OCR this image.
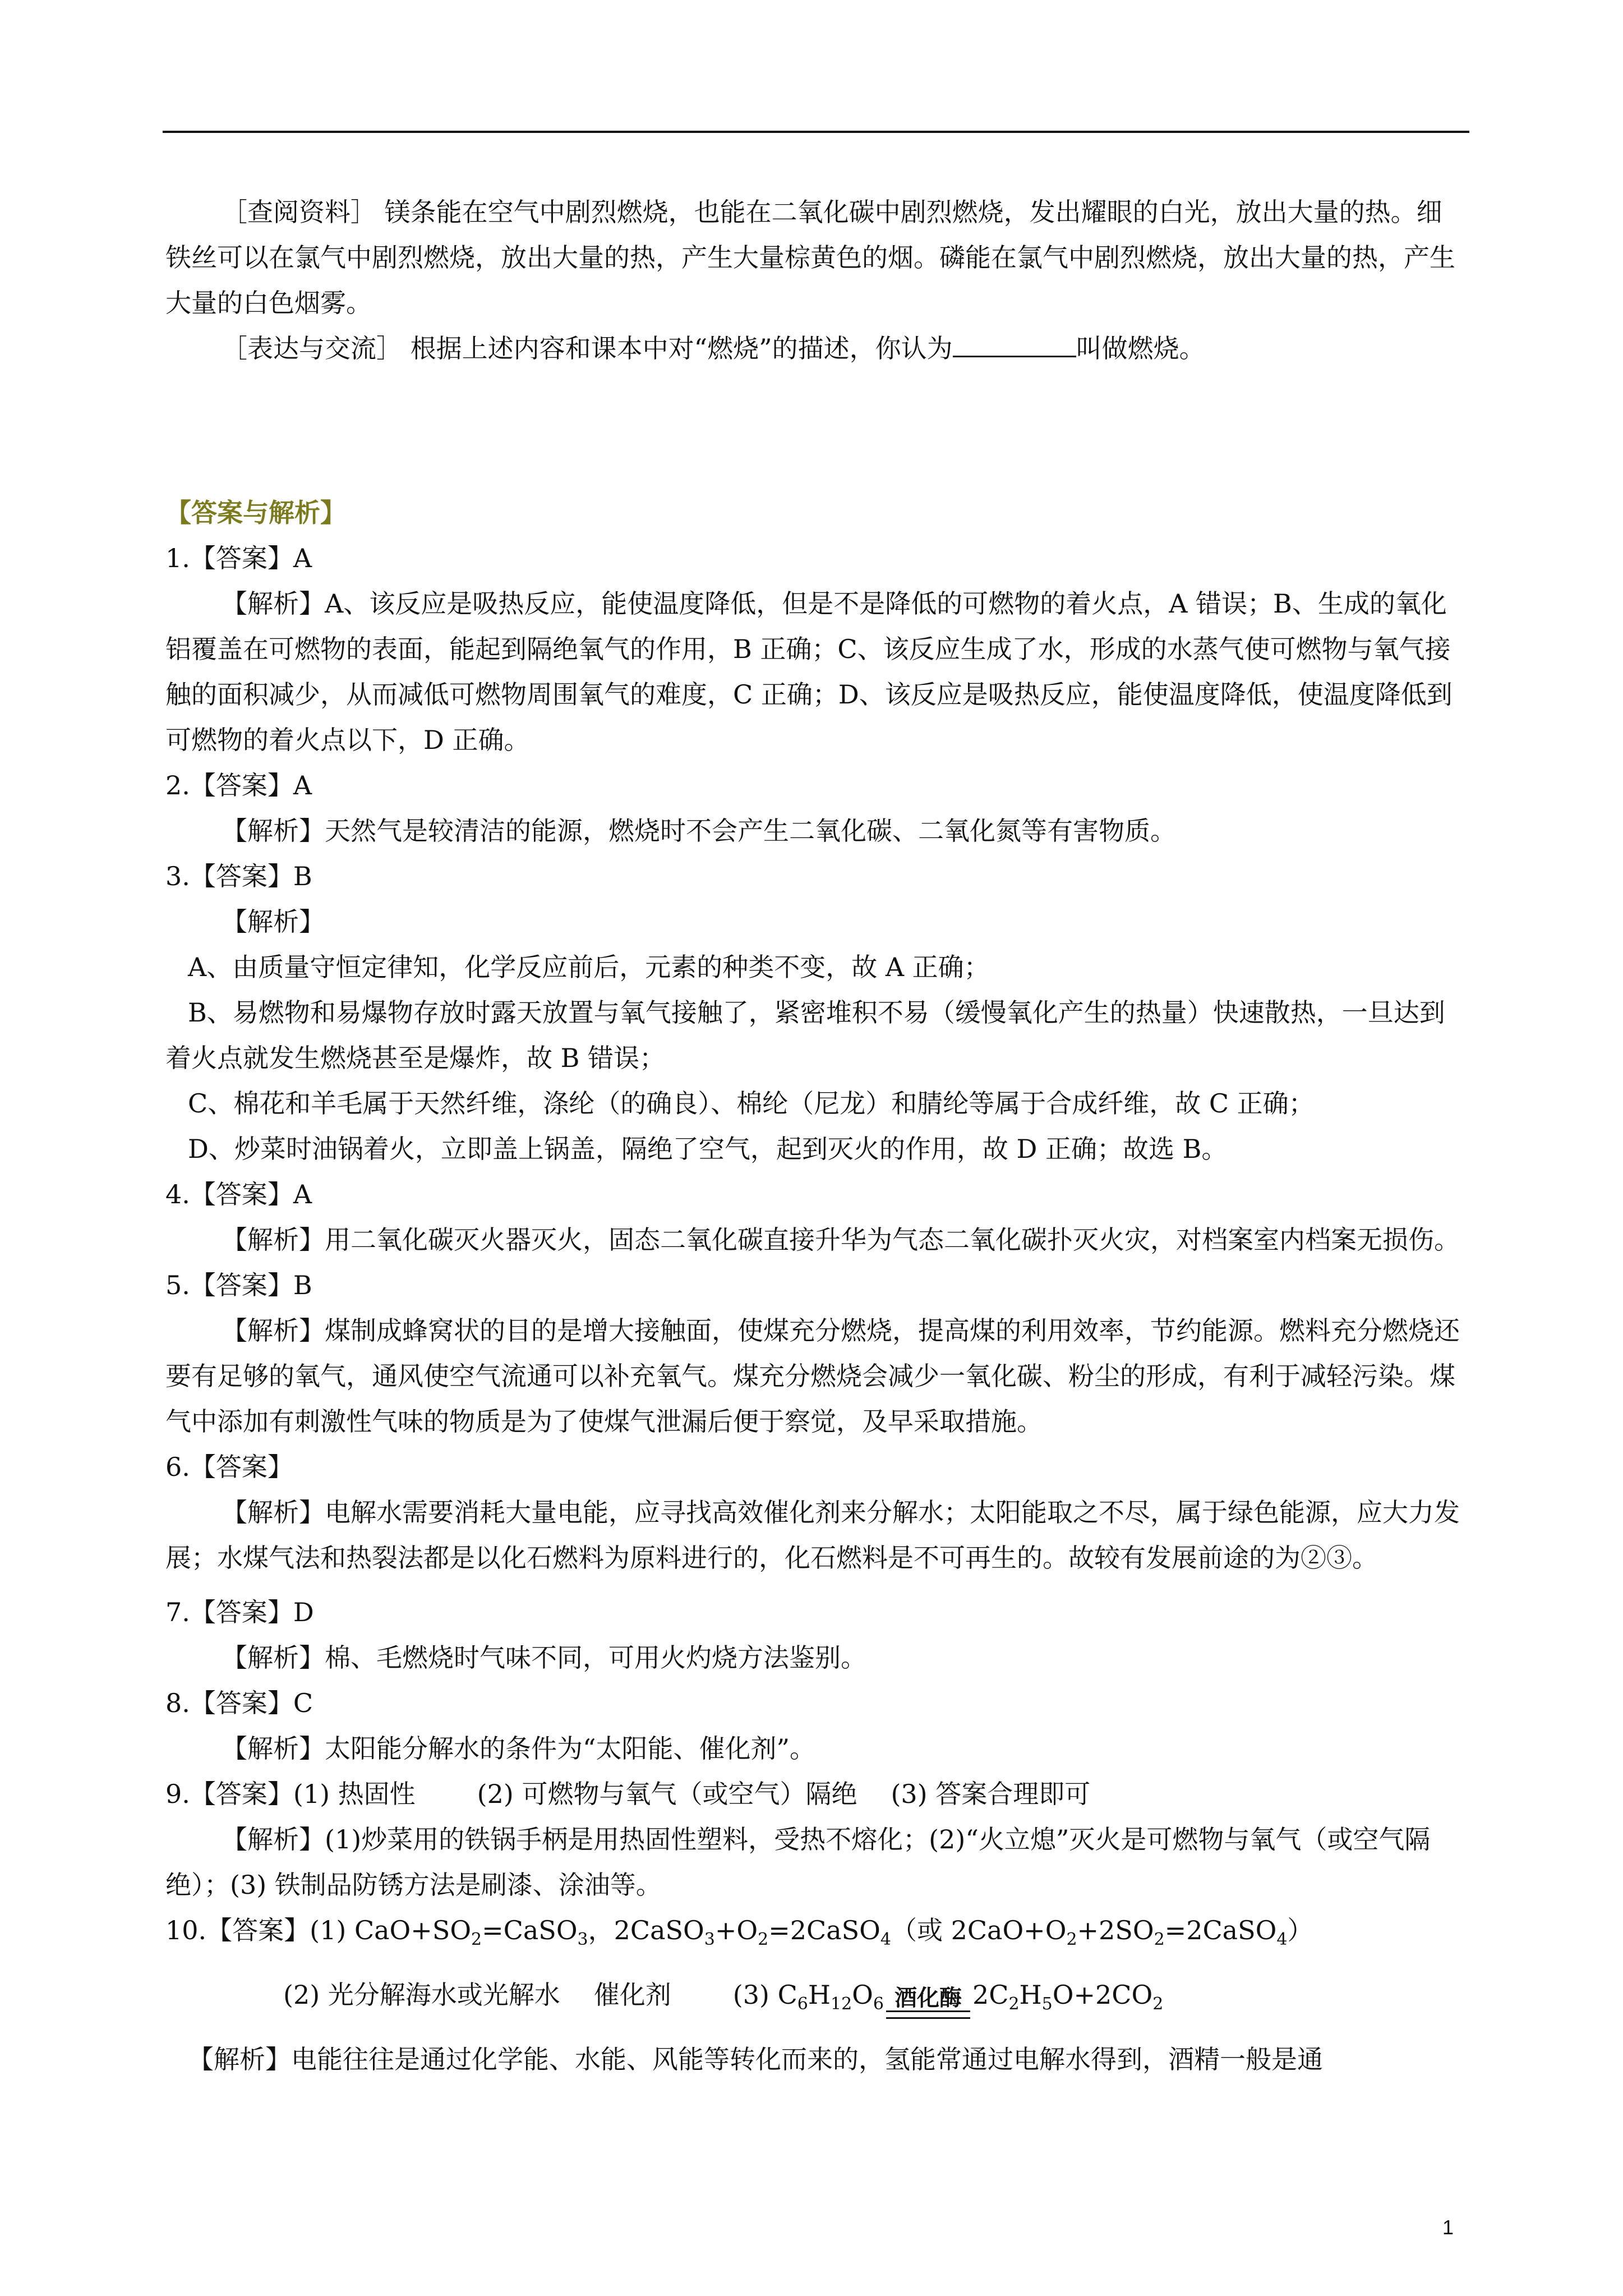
［查阅资料］ 镁条能在空气中剧烈燃烧，也能在二氧化碳中剧烈燃烧，发出耀眼的白光，放出大量的热。细铁丝可以在氯气中剧烈燃烧，放出大量的热，产生大量棕黄色的烟。磷能在氯气中剧烈燃烧，放出大量的热，产生大量的白色烟雾。

［表达与交流］ 根据上述内容和课本中对“燃烧”的描述，你认为	叫做燃烧。

【答案与解析】

1.【答案】A

【解析】A、该反应是吸热反应，能使温度降低，但是不是降低的可燃物的着火点，A 错误；B、生成的氧化铝覆盖在可燃物的表面，能起到隔绝氧气的作用，B 正确；C、该反应生成了水，形成的水蒸气使可燃物与氧气接触的面积减少，从而减低可燃物周围氧气的难度，C 正确；D、该反应是吸热反应，能使温度降低，使温度降低到可燃物的着火点以下，D 正确。

2.【答案】A

【解析】天然气是较清洁的能源，燃烧时不会产生二氧化碳、二氧化氮等有害物质。

3.【答案】B

【解析】

A、由质量守恒定律知，化学反应前后，元素的种类不变，故 A 正确；

B、易燃物和易爆物存放时露天放置与氧气接触了，紧密堆积不易（缓慢氧化产生的热量）快速散热，一旦达到着火点就发生燃烧甚至是爆炸，故 B 错误；

C、棉花和羊毛属于天然纤维，涤纶（的确良）、棉纶（尼龙）和腈纶等属于合成纤维，故 C 正确；

D、炒菜时油锅着火，立即盖上锅盖，隔绝了空气，起到灭火的作用，故 D 正确；故选 B。

4.【答案】A

【解析】用二氧化碳灭火器灭火，固态二氧化碳直接升华为气态二氧化碳扑灭火灾，对档案室内档案无损伤。

5.【答案】B

【解析】煤制成蜂窝状的目的是增大接触面，使煤充分燃烧，提高煤的利用效率，节约能源。燃料充分燃烧还要有足够的氧气，通风使空气流通可以补充氧气。煤充分燃烧会减少一氧化碳、粉尘的形成，有利于减轻污染。煤气中添加有刺激性气味的物质是为了使煤气泄漏后便于察觉，及早采取措施。

6.【答案】

【解析】电解水需要消耗大量电能，应寻找高效催化剂来分解水；太阳能取之不尽，属于绿色能源，应大力发展；水煤气法和热裂法都是以化石燃料为原料进行的，化石燃料是不可再生的。故较有发展前途的为②③。

7.【答案】D

【解析】棉、毛燃烧时气味不同，可用火灼烧方法鉴别。

8.【答案】C

【解析】太阳能分解水的条件为“太阳能、催化剂”。

9.【答案】(1) 热固性 (2) 可燃物与氧气（或空气）隔绝 (3) 答案合理即可

【解析】(1)炒菜用的铁锅手柄是用热固性塑料，受热不熔化；(2)“火立熄”灭火是可燃物与氧气（或空气隔绝）；(3) 铁制品防锈方法是刷漆、涂油等。

10.【答案】(1) $CaO+SO_2=CaSO_3$，$2CaSO_3+O_2=2CaSO_4$（或 $2CaO+O_2+2SO_2=2CaSO_4$）

(2) 光分解海水或光解水 催化剂 (3) $C_6H_{12}O_6$ 酒化酶 $2C_2H_5O+2CO_2$

【解析】电能往往是通过化学能、水能、风能等转化而来的，氢能常通过电解水得到，酒精一般是通

1
